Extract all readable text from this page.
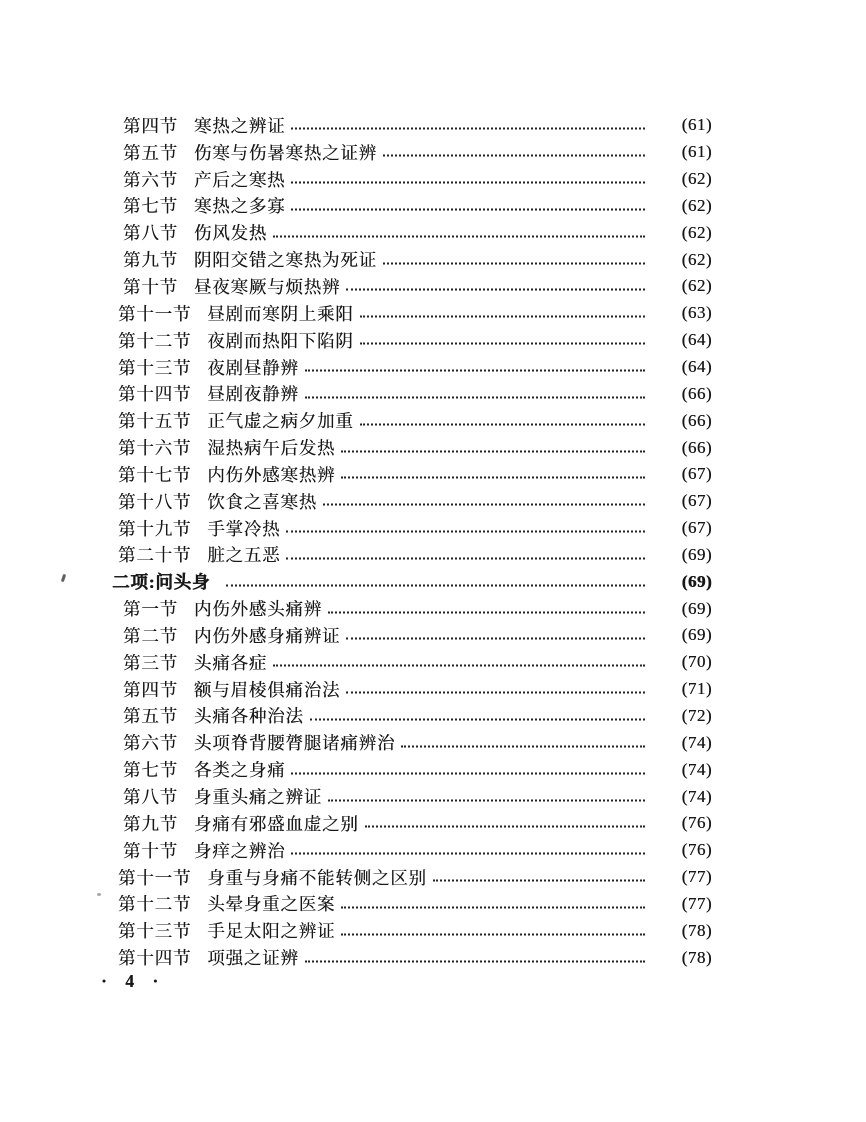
第四节 寒热之辨证	(61)
第五节 伤寒与伤暑寒热之证辨	(61)
第六节 产后之寒热	(62)
第七节 寒热之多寡	(62)
第八节 伤风发热	(62)
第九节 阴阳交错之寒热为死证	(62)
第十节 昼夜寒厥与烦热辨	(62)
第十一节 昼剧而寒阴上乘阳	(63)
第十二节 夜剧而热阳下陷阴	(64)
第十三节 夜剧昼静辨	(64)
第十四节 昼剧夜静辨	(66)
第十五节 正气虚之病夕加重	(66)
第十六节 湿热病午后发热	(66)
第十七节 内伤外感寒热辨	(67)
第十八节 饮食之喜寒热	(67)
第十九节 手掌冷热	(67)
第二十节 脏之五恶	(69)
二项:问头身	(69)
第一节 内伤外感头痛辨	(69)
第二节 内伤外感身痛辨证	(69)
第三节 头痛各症	(70)
第四节 额与眉棱俱痛治法	(71)
第五节 头痛各种治法	(72)
第六节 头项脊背腰膂腿诸痛辨治	(74)
第七节 各类之身痛	(74)
第八节 身重头痛之辨证	(74)
第九节 身痛有邪盛血虚之别	(76)
第十节 身痒之辨治	(76)
第十一节 身重与身痛不能转侧之区别	(77)
第十二节 头晕身重之医案	(77)
第十三节 手足太阳之辨证	(78)
第十四节 项强之证辨	(78)
· 4 ·
